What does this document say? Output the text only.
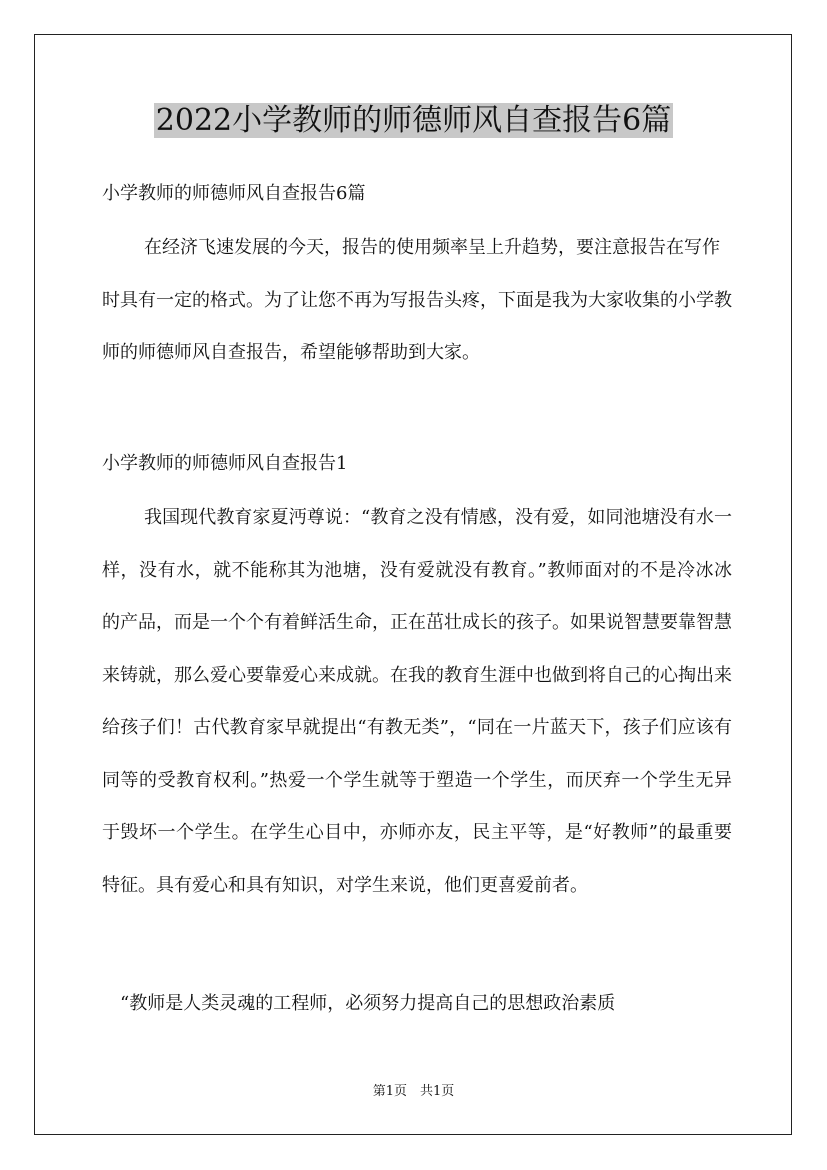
2022小学教师的师德师风自查报告6篇

小学教师的师德师风自查报告6篇

在经济飞速发展的今天，报告的使用频率呈上升趋势，要注意报告在写作时具有一定的格式。为了让您不再为写报告头疼，下面是我为大家收集的小学教师的师德师风自查报告，希望能够帮助到大家。

小学教师的师德师风自查报告1

我国现代教育家夏沔尊说：“教育之没有情感，没有爱，如同池塘没有水一样，没有水，就不能称其为池塘，没有爱就没有教育。”教师面对的不是冷冰冰的产品，而是一个个有着鲜活生命，正在茁壮成长的孩子。如果说智慧要靠智慧来铸就，那么爱心要靠爱心来成就。在我的教育生涯中也做到将自己的心掏出来给孩子们！古代教育家早就提出“有教无类”，“同在一片蓝天下，孩子们应该有同等的受教育权利。”热爱一个学生就等于塑造一个学生，而厌弃一个学生无异于毁坏一个学生。在学生心目中，亦师亦友，民主平等，是“好教师”的最重要特征。具有爱心和具有知识，对学生来说，他们更喜爱前者。

“教师是人类灵魂的工程师，必须努力提高自己的思想政治素质

第1页　共1页
